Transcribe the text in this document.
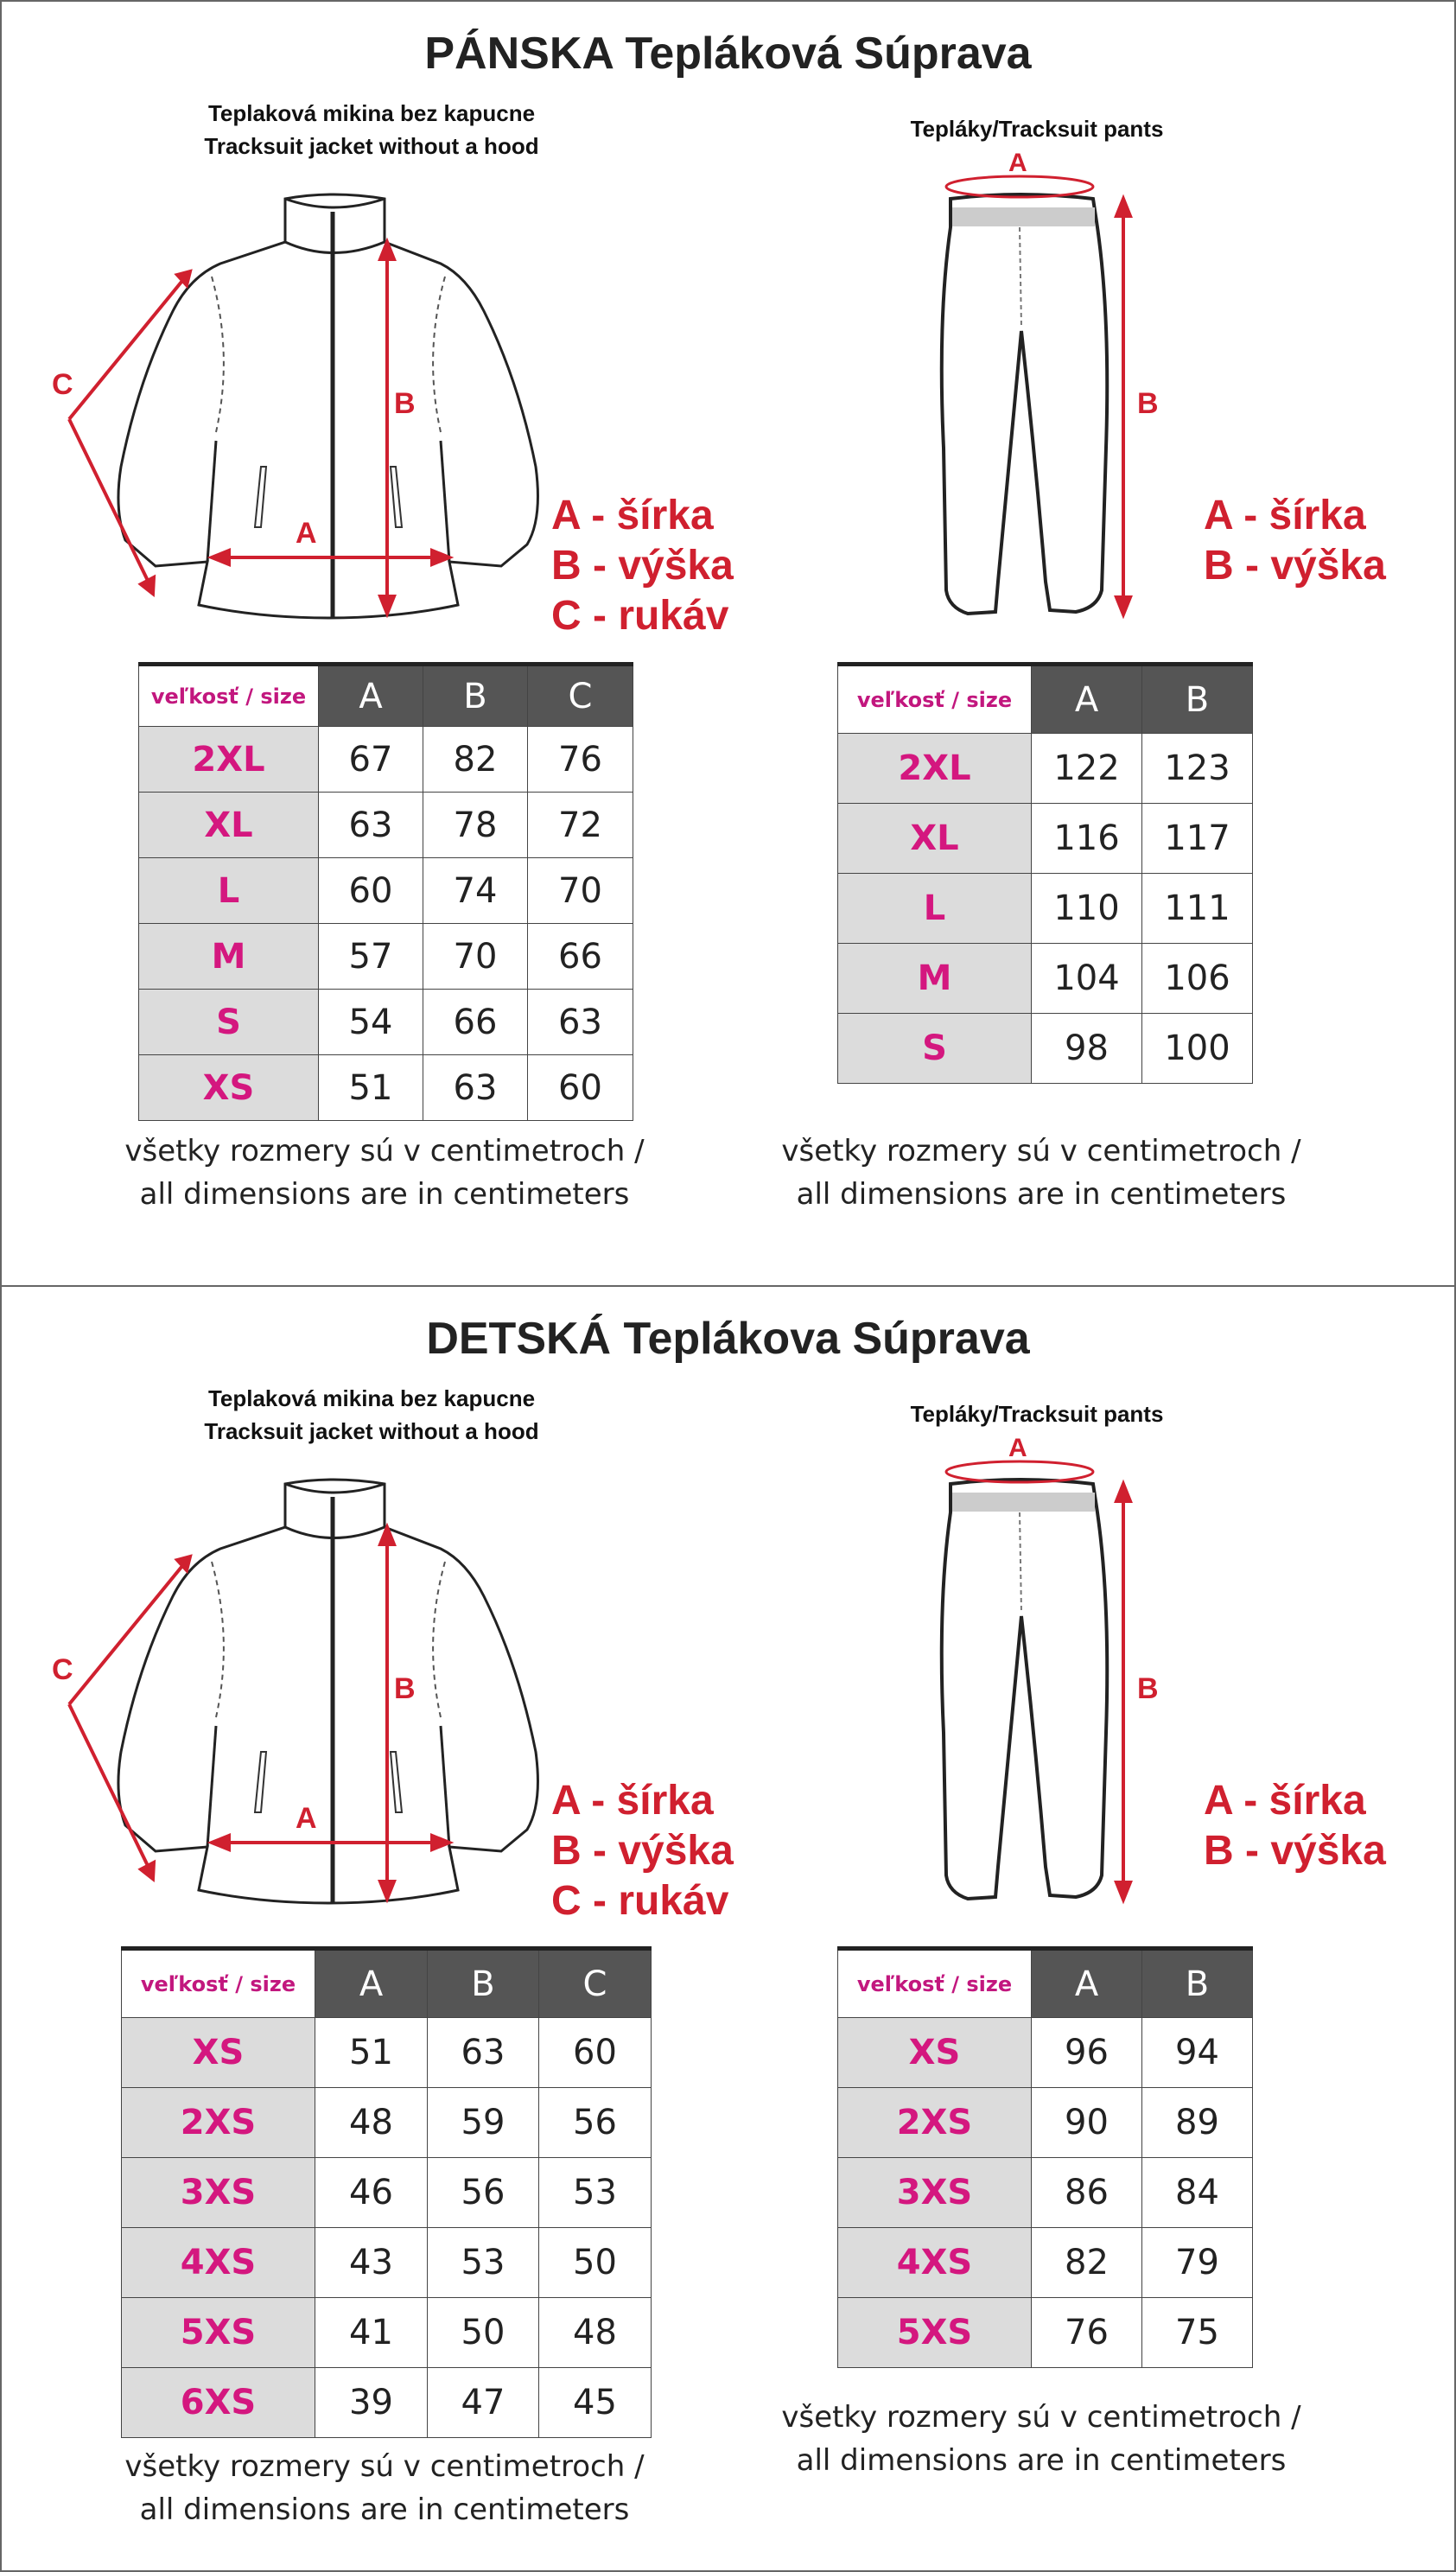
PÁNSKA Tepláková Súprava
Teplaková mikina bez kapucne
Tracksuit jacket without a hood
Tepláky/Tracksuit pants
B
A
C
A - šírka
B - výška
C - rukáv
A
B
A - šírka
B - výška
veľkosť / size	A	B	C
2XL	67	82	76
XL	63	78	72
L	60	74	70
M	57	70	66
S	54	66	63
XS	51	63	60
veľkosť / size	A	B
2XL	122	123
XL	116	117
L	110	111
M	104	106
S	98	100
všetky rozmery sú v centimetroch /
all dimensions are in centimeters
všetky rozmery sú v centimetroch /
all dimensions are in centimeters
DETSKÁ Teplákova Súprava
Teplaková mikina bez kapucne
Tracksuit jacket without a hood
Tepláky/Tracksuit pants
B
A
C
A - šírka
B - výška
C - rukáv
A
B
A - šírka
B - výška
veľkosť / size	A	B	C
XS	51	63	60
2XS	48	59	56
3XS	46	56	53
4XS	43	53	50
5XS	41	50	48
6XS	39	47	45
veľkosť / size	A	B
XS	96	94
2XS	90	89
3XS	86	84
4XS	82	79
5XS	76	75
všetky rozmery sú v centimetroch /
all dimensions are in centimeters
všetky rozmery sú v centimetroch /
all dimensions are in centimeters
